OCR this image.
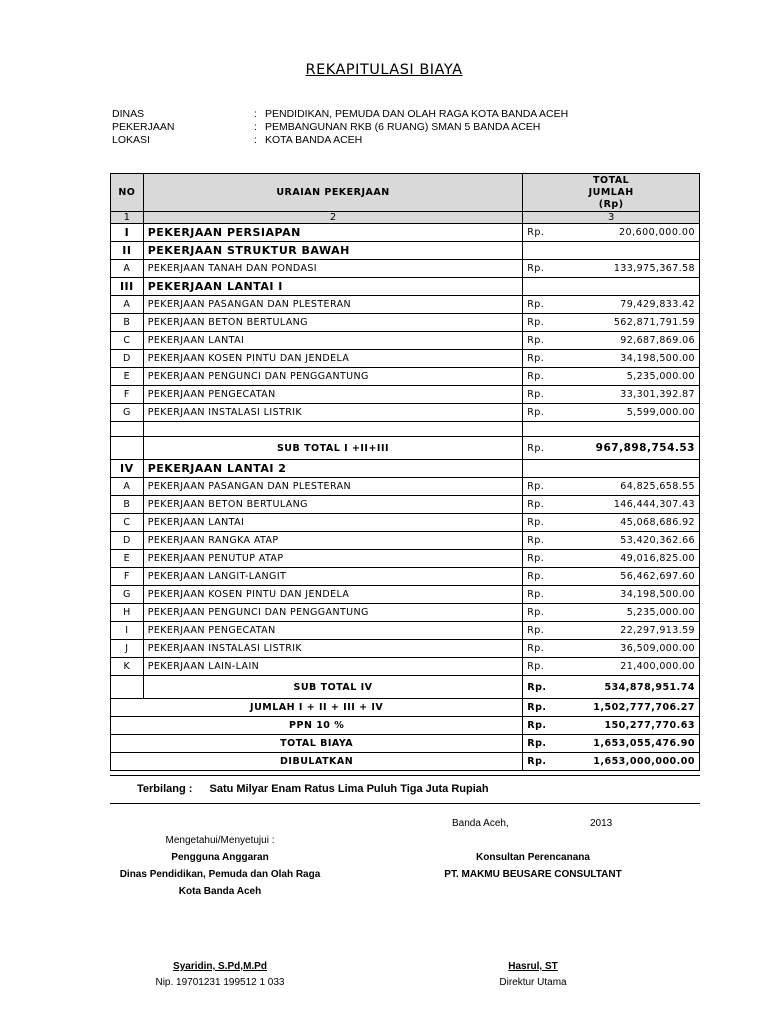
REKAPITULASI BIAYA
DINAS	: PENDIDIKAN, PEMUDA DAN OLAH RAGA KOTA BANDA ACEH
PEKERJAAN	: PEMBANGUNAN RKB (6 RUANG) SMAN 5 BANDA ACEH
LOKASI	: KOTA BANDA ACEH
NO	URAIAN PEKERJAAN	TOTAL
JUMLAH
(Rp)	

1	2	3	
I	PEKERJAAN PERSIAPAN	Rp.	20,600,000.00
II	PEKERJAAN STRUKTUR BAWAH		
A	PEKERJAAN TANAH DAN PONDASI	Rp.	133,975,367.58
III	PEKERJAAN LANTAI I		
A	PEKERJAAN PASANGAN DAN PLESTERAN	Rp.	79,429,833.42
B	PEKERJAAN BETON BERTULANG	Rp.	562,871,791.59
C	PEKERJAAN LANTAI	Rp.	92,687,869.06
D	PEKERJAAN KOSEN PINTU DAN JENDELA	Rp.	34,198,500.00
E	PEKERJAAN PENGUNCI DAN PENGGANTUNG	Rp.	5,235,000.00
F	PEKERJAAN PENGECATAN	Rp.	33,301,392.87
G	PEKERJAAN INSTALASI LISTRIK	Rp.	5,599,000.00

	SUB TOTAL I +II+III	Rp.	967,898,754.53
IV	PEKERJAAN LANTAI 2		
A	PEKERJAAN PASANGAN DAN PLESTERAN	Rp.	64,825,658.55
B	PEKERJAAN BETON BERTULANG	Rp.	146,444,307.43
C	PEKERJAAN LANTAI	Rp.	45,068,686.92
D	PEKERJAAN RANGKA ATAP	Rp.	53,420,362.66
E	PEKERJAAN PENUTUP ATAP	Rp.	49,016,825.00
F	PEKERJAAN LANGIT-LANGIT	Rp.	56,462,697.60
G	PEKERJAAN KOSEN PINTU DAN JENDELA	Rp.	34,198,500.00
H	PEKERJAAN PENGUNCI DAN PENGGANTUNG	Rp.	5,235,000.00
I	PEKERJAAN PENGECATAN	Rp.	22,297,913.59
J	PEKERJAAN INSTALASI LISTRIK	Rp.	36,509,000.00
K	PEKERJAAN LAIN-LAIN	Rp.	21,400,000.00
	SUB TOTAL IV	Rp.	534,878,951.74
JUMLAH I + II + III + IV		Rp.	1,502,777,706.27
PPN 10 %		Rp.	150,277,770.63
TOTAL BIAYA		Rp.	1,653,055,476.90
DIBULATKAN		Rp.	1,653,000,000.00
Terbilang : Satu Milyar Enam Ratus Lima Puluh Tiga Juta Rupiah
Banda Aceh,	2013
Mengetahui/Menyetujui :
Pengguna Anggaran
Dinas Pendidikan, Pemuda dan Olah Raga
Kota Banda Aceh
Konsultan Perencanana
PT. MAKMU BEUSARE CONSULTANT
Syaridin, S.Pd,M.Pd
Nip. 19701231 199512 1 033
Hasrul, ST
Direktur Utama
